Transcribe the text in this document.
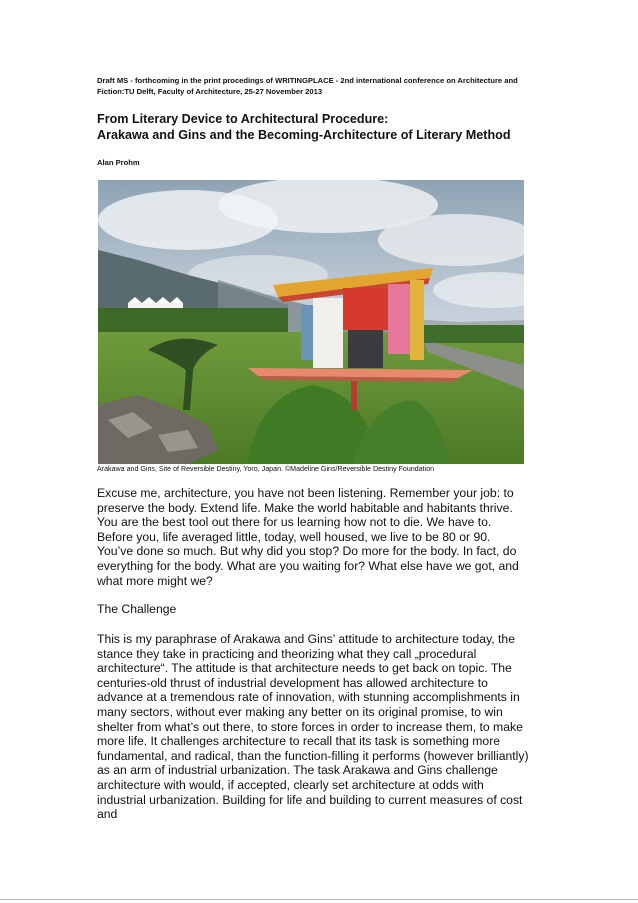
Draft MS - forthcoming in the print procedings of WRITINGPLACE - 2nd international conference on Architecture and Fiction:TU Delft, Faculty of Architecture, 25-27 November 2013
From Literary Device to Architectural Procedure:
Arakawa and Gins and the Becoming-Architecture of Literary Method
Alan Prohm
Arakawa and Gins, Site of Reversible Destiny, Yoro, Japan. ©Madeline Gins/Reversible Destiny Foundation
Excuse me, architecture, you have not been listening. Remember your job: to preserve the body. Extend life. Make the world habitable and habitants thrive. You are the best tool out there for us learning how not to die. We have to. Before you, life averaged little, today, well housed, we live to be 80 or 90. You’ve done so much. But why did you stop? Do more for the body. In fact, do everything for the body. What are you waiting for? What else have we got, and what more might we?
The Challenge
This is my paraphrase of Arakawa and Gins’ attitude to architecture today, the stance they take in practicing and theorizing what they call „procedural architecture“. The attitude is that architecture needs to get back on topic. The centuries-old thrust of industrial development has allowed architecture to advance at a tremendous rate of innovation, with stunning accomplishments in many sectors, without ever making any better on its original promise, to win shelter from what’s out there, to store forces in order to increase them, to make more life. It challenges architecture to recall that its task is something more fundamental, and radical, than the function-filling it performs (however brilliantly) as an arm of industrial urbanization. The task Arakawa and Gins challenge architecture with would, if accepted, clearly set architecture at odds with industrial urbanization. Building for life and building to current measures of cost and
